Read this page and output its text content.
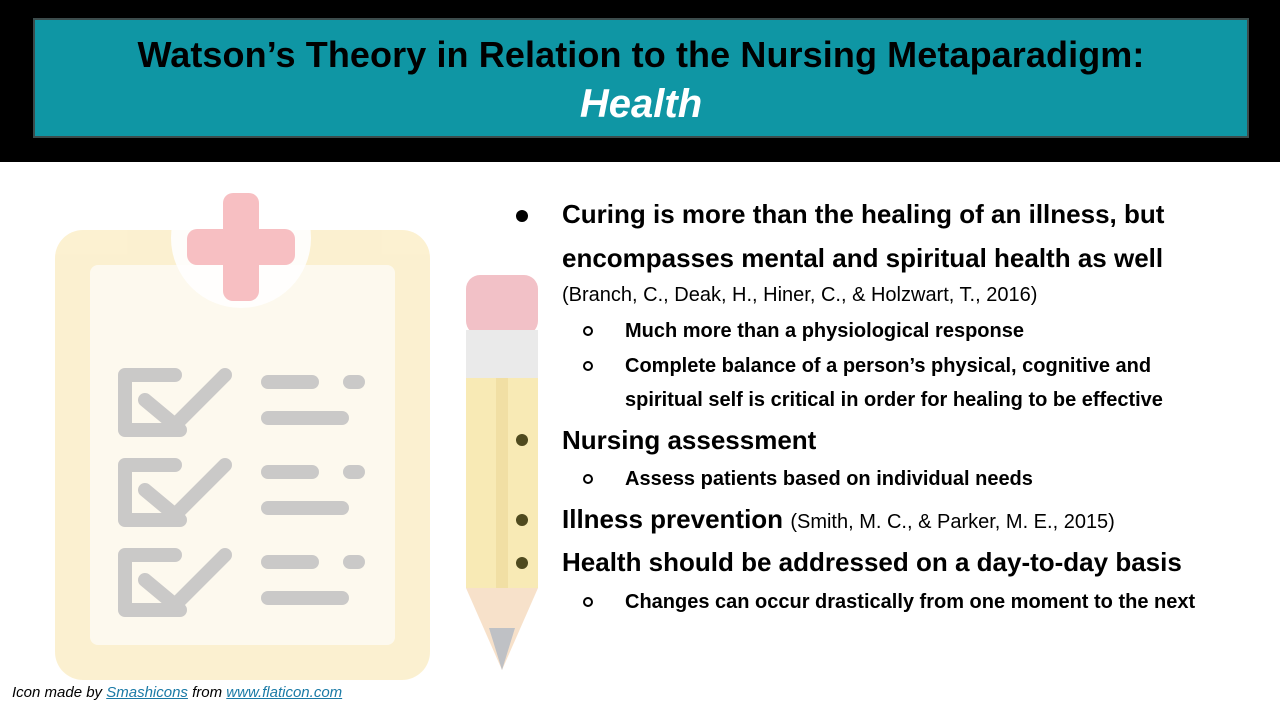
Watson’s Theory in Relation to the Nursing Metaparadigm:
Health
Curing is more than the healing of an illness, but
encompasses mental and spiritual health as well
(Branch, C., Deak, H., Hiner, C., & Holzwart, T., 2016)
Much more than a physiological response
Complete balance of a person’s physical, cognitive and
spiritual self is critical in order for healing to be effective
Nursing assessment
Assess patients based on individual needs
Illness prevention (Smith, M. C., & Parker, M. E., 2015)
Health should be addressed on a day-to-day basis
Changes can occur drastically from one moment to the next
Icon made by Smashicons from www.flaticon.com
